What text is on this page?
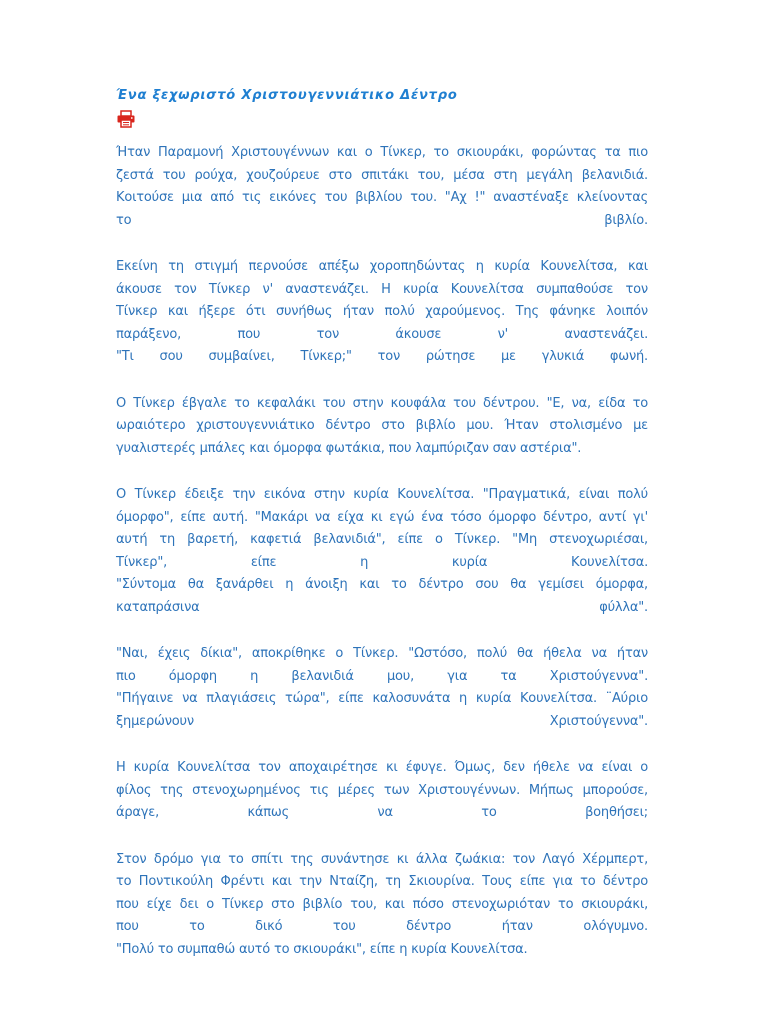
Ένα ξεχωριστό Χριστουγεννιάτικο Δέντρο

Ήταν Παραμονή Χριστουγέννων και ο Τίνκερ, το σκιουράκι, φορώντας τα πιο
ζεστά του ρούχα, χουζούρευε στο σπιτάκι του, μέσα στη μεγάλη βελανιδιά.
Κοιτούσε μια από τις εικόνες του βιβλίου του. "Αχ !" αναστέναξε κλείνοντας
το βιβλίο.

Εκείνη τη στιγμή περνούσε απέξω χοροπηδώντας η κυρία Κουνελίτσα, και
άκουσε τον Τίνκερ ν' αναστενάζει. Η κυρία Κουνελίτσα συμπαθούσε τον
Τίνκερ και ήξερε ότι συνήθως ήταν πολύ χαρούμενος. Της φάνηκε λοιπόν
παράξενο, που τον άκουσε ν' αναστενάζει.
"Τι σου συμβαίνει, Τίνκερ;" τον ρώτησε με γλυκιά φωνή.

Ο Τίνκερ έβγαλε το κεφαλάκι του στην κουφάλα του δέντρου. "Ε, να, είδα το
ωραιότερο χριστουγεννιάτικο δέντρο στο βιβλίο μου. Ήταν στολισμένο με
γυαλιστερές μπάλες και όμορφα φωτάκια, που λαμπύριζαν σαν αστέρια".

Ο Τίνκερ έδειξε την εικόνα στην κυρία Κουνελίτσα. "Πραγματικά, είναι πολύ
όμορφο", είπε αυτή. "Μακάρι να είχα κι εγώ ένα τόσο όμορφο δέντρο, αντί γι'
αυτή τη βαρετή, καφετιά βελανιδιά", είπε ο Τίνκερ. "Μη στενοχωριέσαι,
Τίνκερ", είπε η κυρία Κουνελίτσα.
"Σύντομα θα ξανάρθει η άνοιξη και το δέντρο σου θα γεμίσει όμορφα,
καταπράσινα φύλλα".

"Ναι, έχεις δίκια", αποκρίθηκε ο Τίνκερ. "Ωστόσο, πολύ θα ήθελα να ήταν
πιο όμορφη η βελανιδιά μου, για τα Χριστούγεννα".
"Πήγαινε να πλαγιάσεις τώρα", είπε καλοσυνάτα η κυρία Κουνελίτσα. ¨Αύριο
ξημερώνουν Χριστούγεννα".

Η κυρία Κουνελίτσα τον αποχαιρέτησε κι έφυγε. Όμως, δεν ήθελε να είναι ο
φίλος της στενοχωρημένος τις μέρες των Χριστουγέννων. Μήπως μπορούσε,
άραγε, κάπως να το βοηθήσει;

Στον δρόμο για το σπίτι της συνάντησε κι άλλα ζωάκια: τον Λαγό Χέρμπερτ,
το Ποντικούλη Φρέντι και την Νταίζη, τη Σκιουρίνα. Τους είπε για το δέντρο
που είχε δει ο Τίνκερ στο βιβλίο του, και πόσο στενοχωριόταν το σκιουράκι,
που το δικό του δέντρο ήταν ολόγυμνο.
"Πολύ το συμπαθώ αυτό το σκιουράκι", είπε η κυρία Κουνελίτσα.
